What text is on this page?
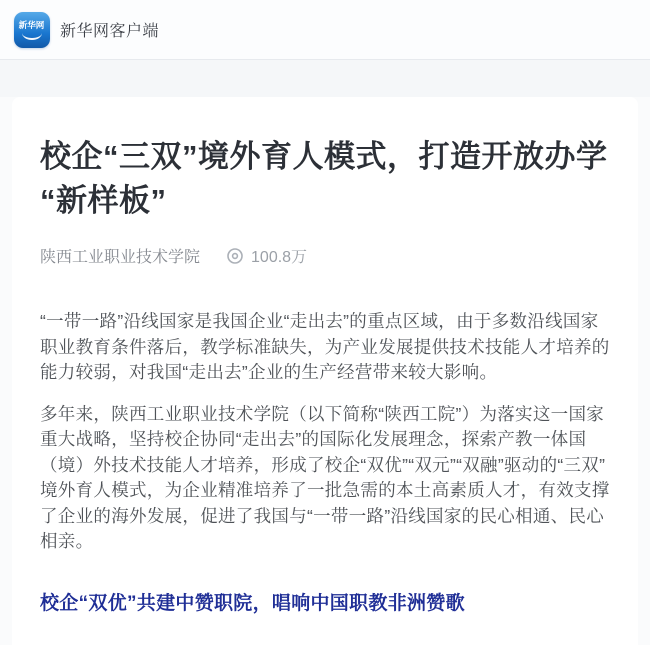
新华网 新华网客户端
校企“三双”境外育人模式，打造开放办学“新样板”
陕西工业职业技术学院	100.8万

“一带一路”沿线国家是我国企业“走出去”的重点区域，由于多数沿线国家职业教育条件落后，教学标准缺失，为产业发展提供技术技能人才培养的能力较弱，对我国“走出去”企业的生产经营带来较大影响。

多年来，陕西工业职业技术学院（以下简称“陕西工院”）为落实这一国家重大战略，坚持校企协同“走出去”的国际化发展理念，探索产教一体国（境）外技术技能人才培养，形成了校企“双优”“双元”“双融”驱动的“三双”境外育人模式，为企业精准培养了一批急需的本土高素质人才，有效支撑了企业的海外发展，促进了我国与“一带一路”沿线国家的民心相通、民心相亲。

校企“双优”共建中赞职院，唱响中国职教非洲赞歌
